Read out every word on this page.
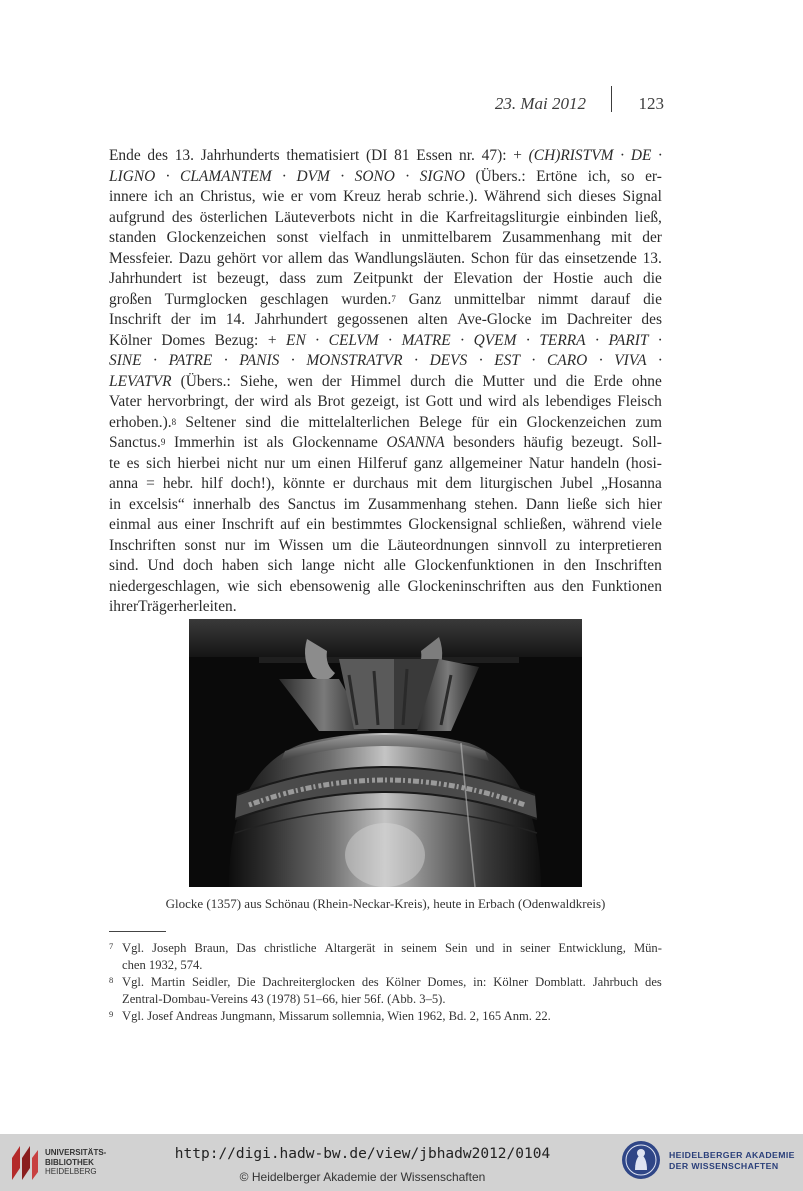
23. Mai 2012	123
Ende des 13. Jahrhunderts thematisiert (DI 81 Essen nr. 47): + (CH)RISTVM · DE ·
LIGNO · CLAMANTEM · DVM · SONO · SIGNO (Übers.: Ertöne ich, so er-
innere ich an Christus, wie er vom Kreuz herab schrie.). Während sich dieses Signal
aufgrund des österlichen Läuteverbots nicht in die Karfreitagsliturgie einbinden ließ,
standen Glockenzeichen sonst vielfach in unmittelbarem Zusammenhang mit der
Messfeier. Dazu gehört vor allem das Wandlungsläuten. Schon für das einsetzende 13.
Jahrhundert ist bezeugt, dass zum Zeitpunkt der Elevation der Hostie auch die
großen Turmglocken geschlagen wurden.$^7$ Ganz unmittelbar nimmt darauf die
Inschrift der im 14. Jahrhundert gegossenen alten Ave-Glocke im Dachreiter des
Kölner Domes Bezug: + EN · CELVM · MATRE · QVEM · TERRA · PARIT ·
SINE · PATRE · PANIS · MONSTRATVR · DEVS · EST · CARO · VIVA ·
LEVATVR (Übers.: Siehe, wen der Himmel durch die Mutter und die Erde ohne
Vater hervorbringt, der wird als Brot gezeigt, ist Gott und wird als lebendiges Fleisch
erhoben.).$^8$ Seltener sind die mittelalterlichen Belege für ein Glockenzeichen zum
Sanctus.$^9$ Immerhin ist als Glockenname OSANNA besonders häufig bezeugt. Soll-
te es sich hierbei nicht nur um einen Hilferuf ganz allgemeiner Natur handeln (hosi-
anna = hebr. hilf doch!), könnte er durchaus mit dem liturgischen Jubel „Hosanna
in excelsis“ innerhalb des Sanctus im Zusammenhang stehen. Dann ließe sich hier
einmal aus einer Inschrift auf ein bestimmtes Glockensignal schließen, während viele
Inschriften sonst nur im Wissen um die Läuteordnungen sinnvoll zu interpretieren
sind. Und doch haben sich lange nicht alle Glockenfunktionen in den Inschriften
niedergeschlagen, wie sich ebensowenig alle Glockeninschriften aus den Funktionen
ihrer Träger herleiten.
Glocke (1357) aus Schönau (Rhein-Neckar-Kreis), heute in Erbach (Odenwaldkreis)
7 Vgl. Joseph Braun, Das christliche Altargerät in seinem Sein und in seiner Entwicklung, Mün-
chen 1932, 574.
8 Vgl. Martin Seidler, Die Dachreiterglocken des Kölner Domes, in: Kölner Domblatt. Jahrbuch des
Zentral-Dombau-Vereins 43 (1978) 51–66, hier 56f. (Abb. 3–5).
9 Vgl. Josef Andreas Jungmann, Missarum sollemnia, Wien 1962, Bd. 2, 165 Anm. 22.
UNIVERSITÄTS-
BIBLIOTHEK
HEIDELBERG
http://digi.hadw-bw.de/view/jbhadw2012/0104
© Heidelberger Akademie der Wissenschaften
HEIDELBERGER AKADEMIE
DER WISSENSCHAFTEN
